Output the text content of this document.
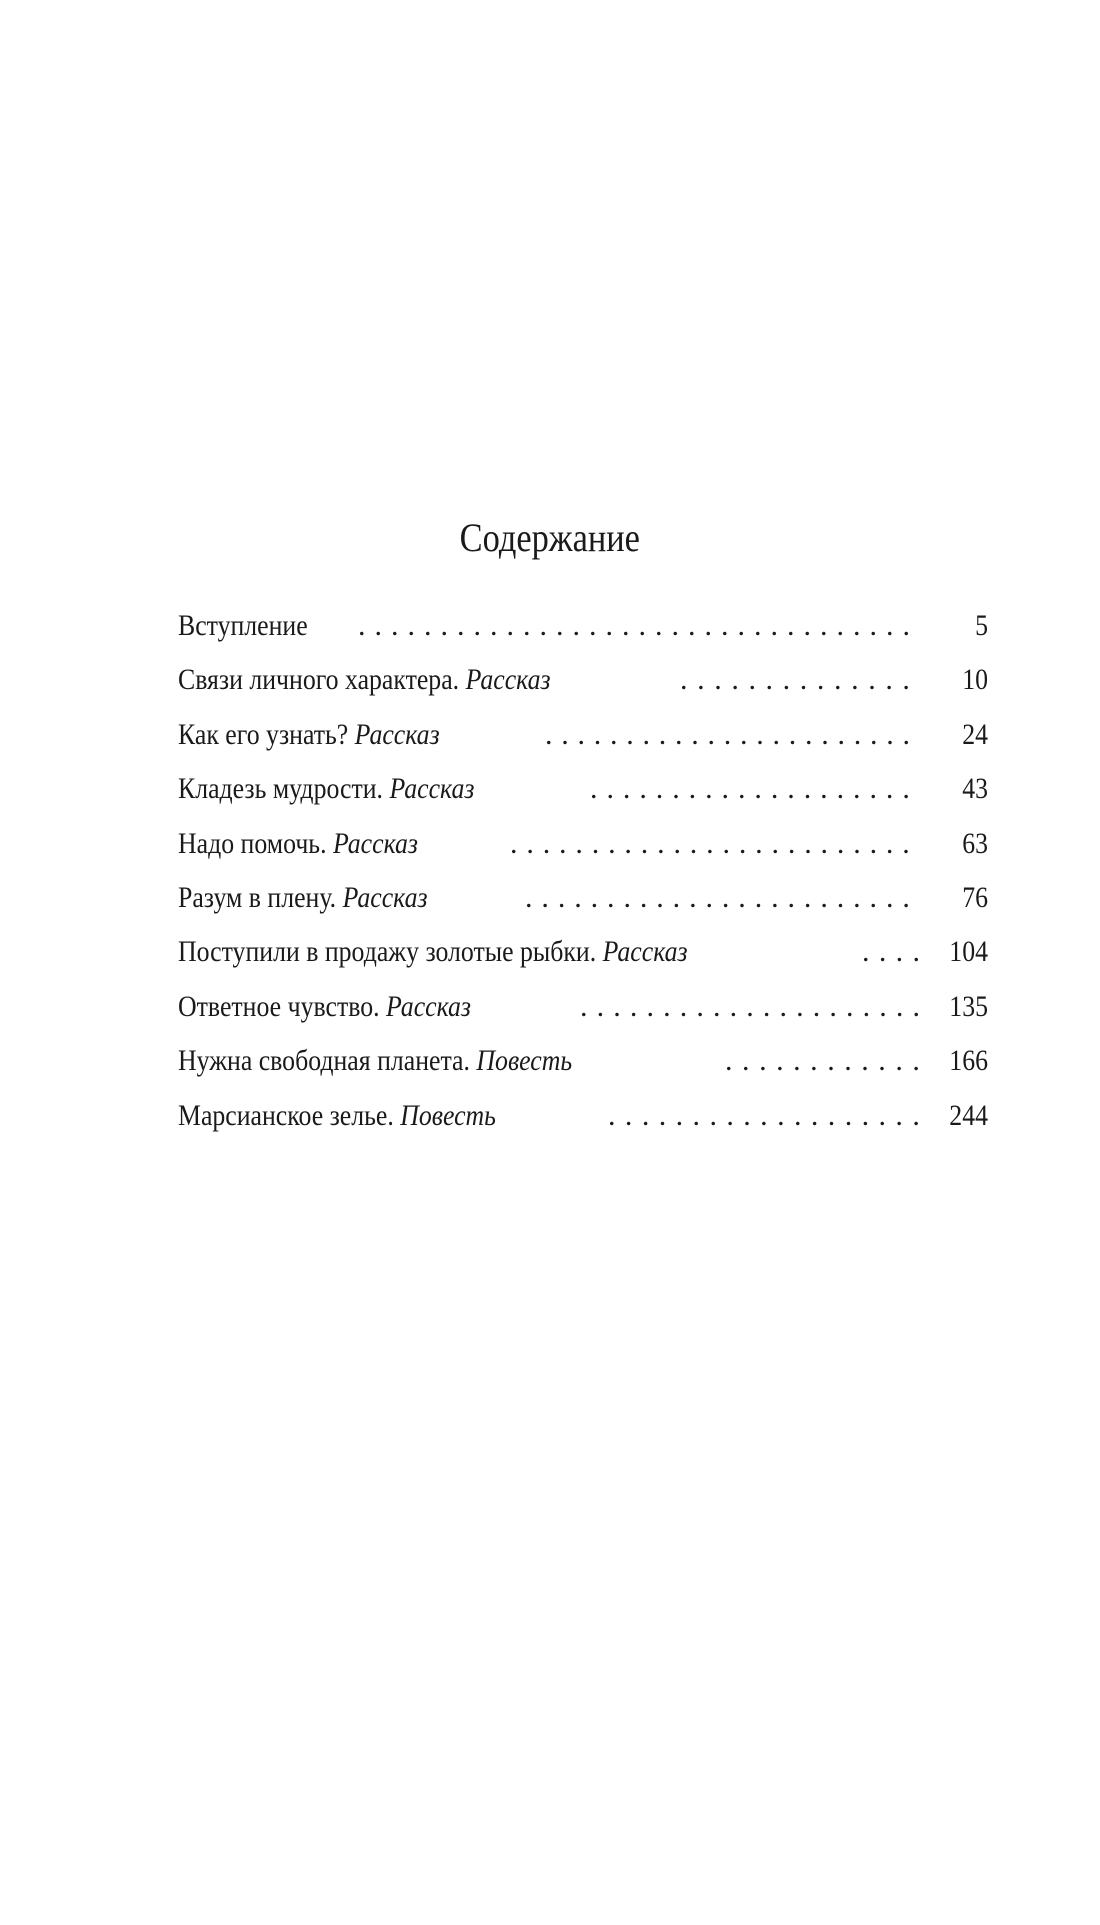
Содержание
Вступление . . . . . . . . . . . . . . . . . . . . . . . . . . . . . . . . . . 5
Связи личного характера. Рассказ	. . . . . . . . . . . . . . 10
Как его узнать? Рассказ	. . . . . . . . . . . . . . . . . . . . . . . 24
Кладезь мудрости. Рассказ	. . . . . . . . . . . . . . . . . . . . 43
Надо помочь. Рассказ	. . . . . . . . . . . . . . . . . . . . . . . . . 63
Разум в плену. Рассказ	. . . . . . . . . . . . . . . . . . . . . . . . 76
Поступили в продажу золотые рыбки. Рассказ	. . . . 104
Ответное чувство. Рассказ	. . . . . . . . . . . . . . . . . . . . . 135
Нужна свободная планета. Повесть	. . . . . . . . . . . . 166
Марсианское зелье. Повесть	. . . . . . . . . . . . . . . . . . . 244
